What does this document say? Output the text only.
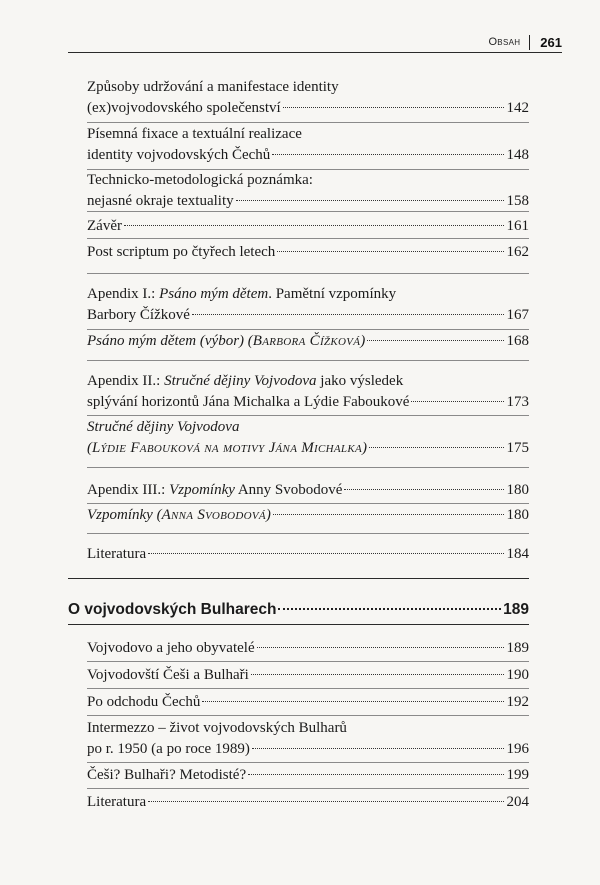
Obsah 261
Způsoby udržování a manifestace identity
(ex)vojvodovského společenství	142
Písemná fixace a textuální realizace
identity vojvodovských Čechů	148
Technicko-metodologická poznámka:
nejasné okraje textuality	158
Závěr	161
Post scriptum po čtyřech letech	162
Apendix I.: Psáno mým dětem. Pamětní vzpomínky
Barbory Čížkové	167
Psáno mým dětem (výbor) (Barbora Čížková)	168
Apendix II.: Stručné dějiny Vojvodova jako výsledek
splývání horizontů Jána Michalka a Lýdie Faboukové	173
Stručné dějiny Vojvodova
(Lýdie Fabouková na motivy Jána Michalka)	175
Apendix III.: Vzpomínky Anny Svobodové	180
Vzpomínky (Anna Svobodová)	180
Literatura	184
O vojvodovských Bulharech	189
Vojvodovo a jeho obyvatelé	189
Vojvodovští Češi a Bulhaři	190
Po odchodu Čechů	192
Intermezzo – život vojvodovských Bulharů
po r. 1950 (a po roce 1989)	196
Češi? Bulhaři? Metodisté?	199
Literatura	204
